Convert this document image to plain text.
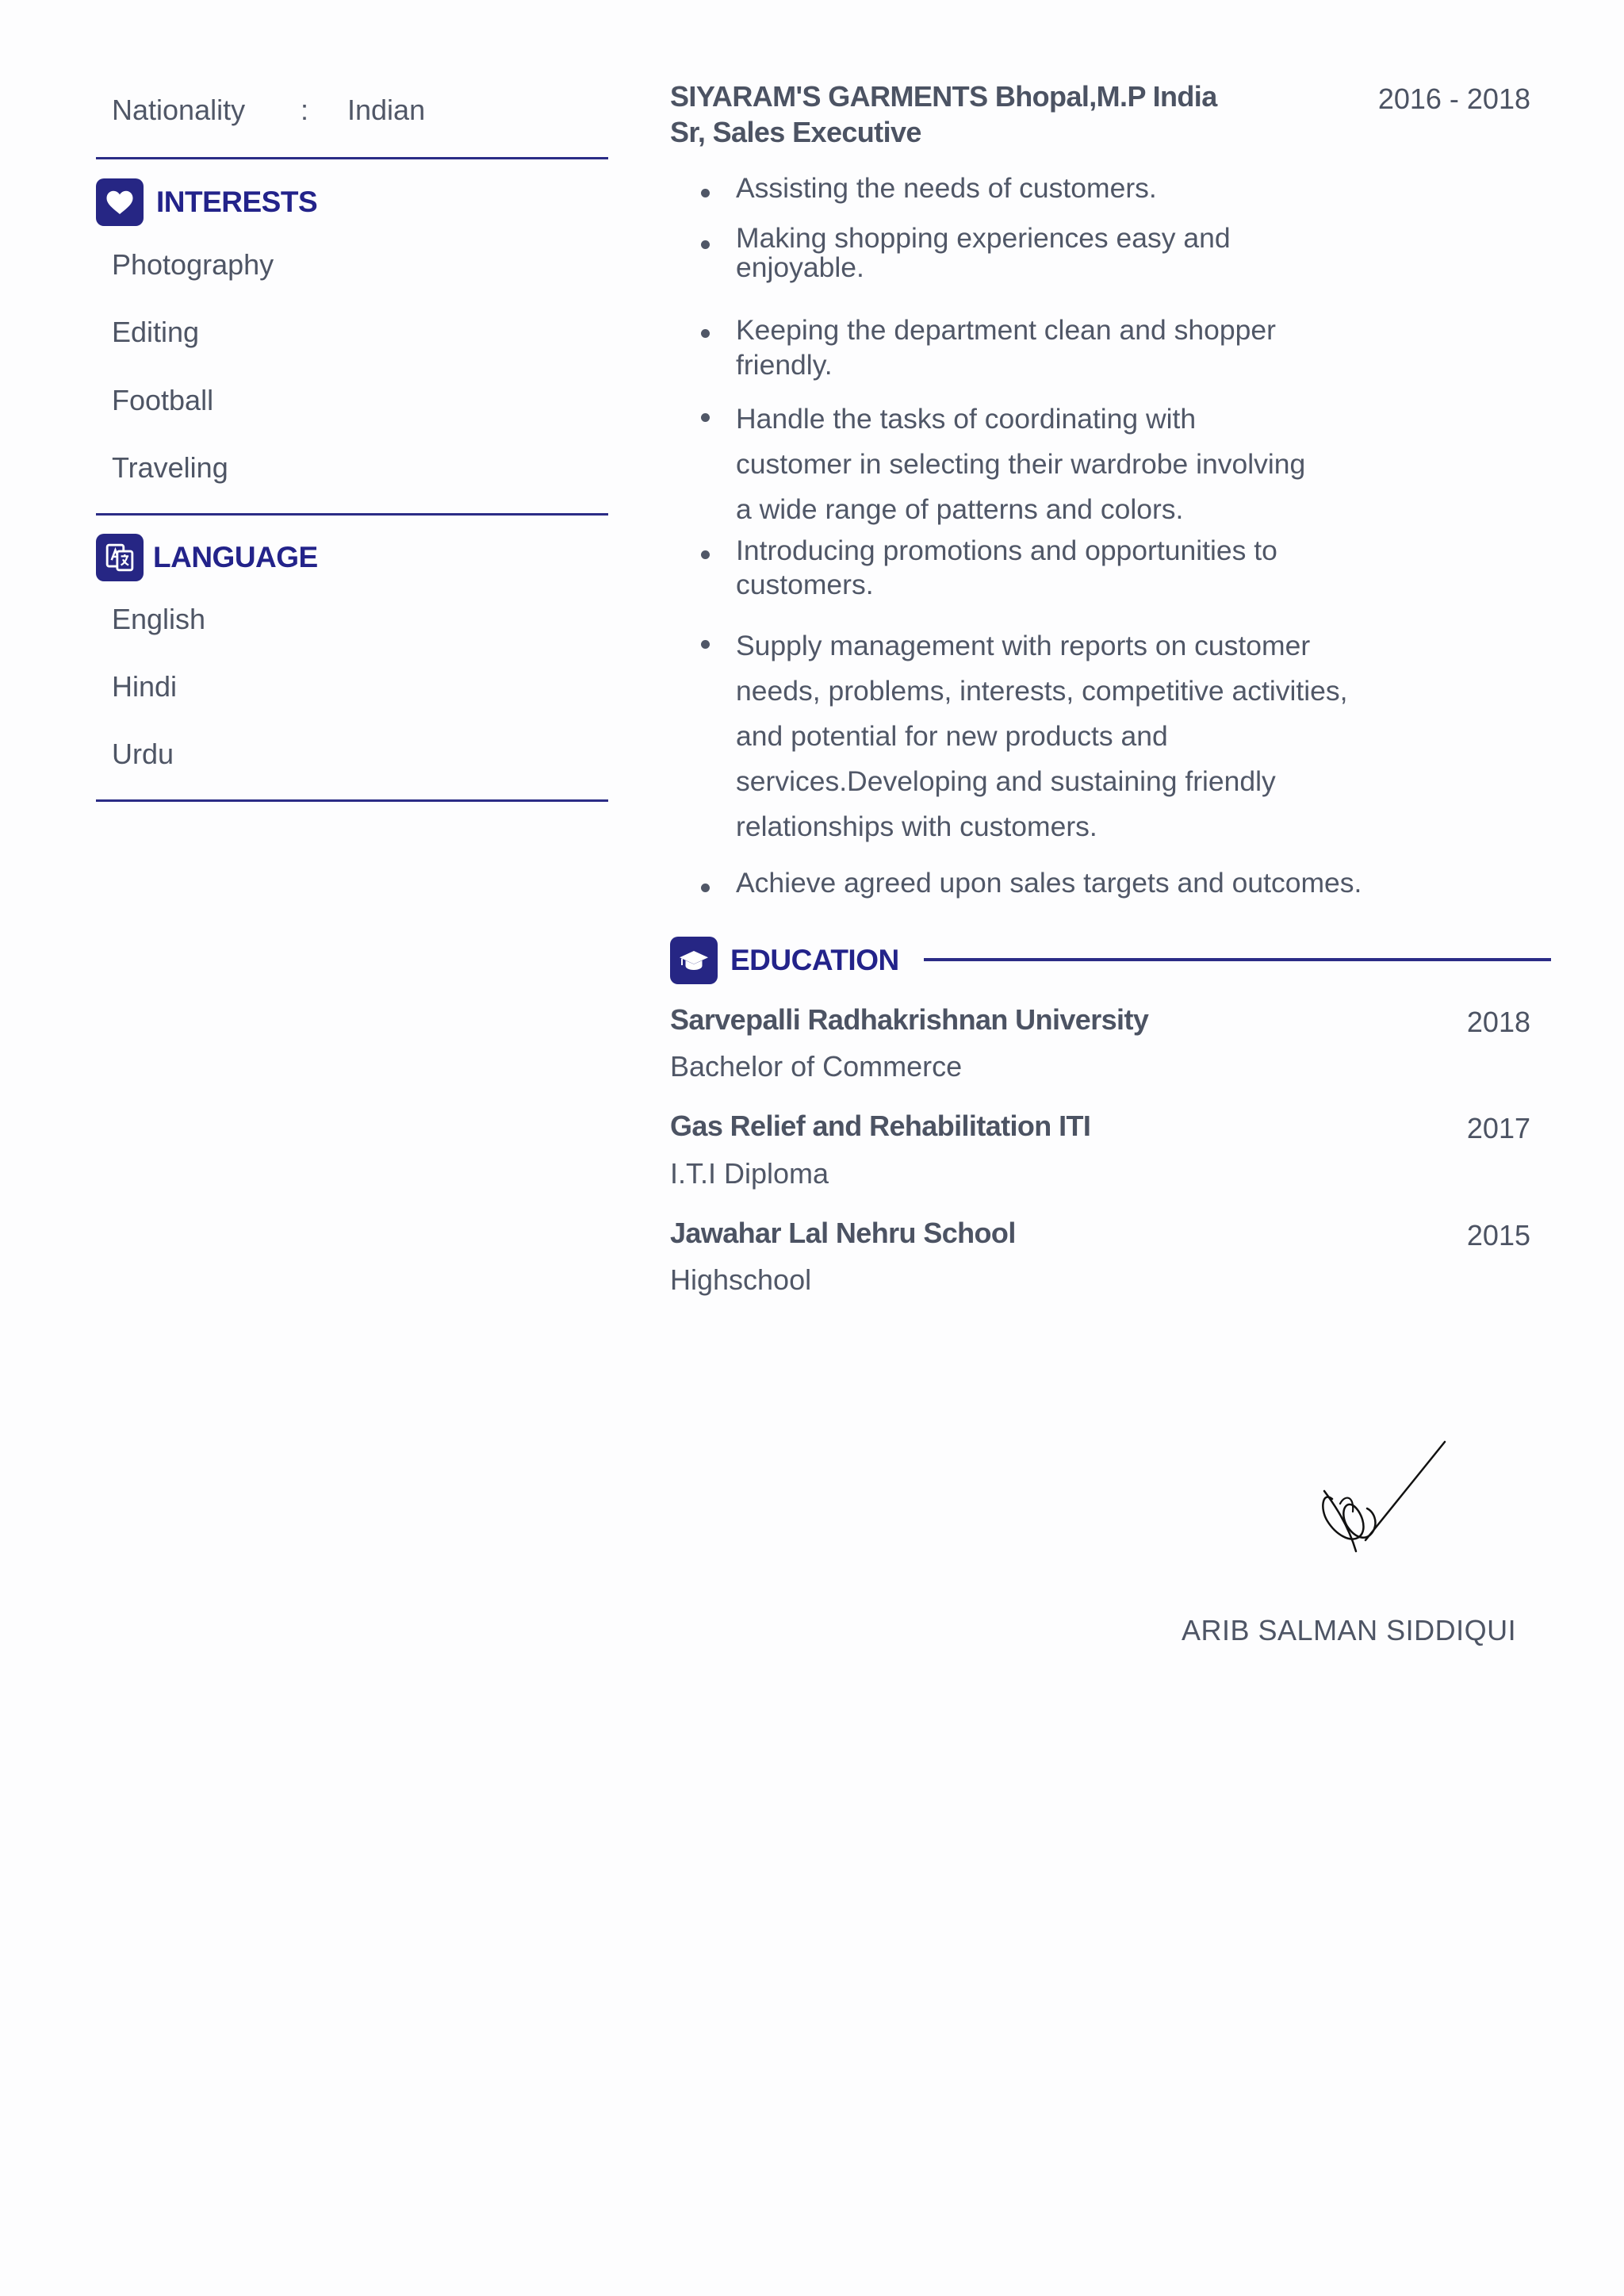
Nationality : Indian
INTERESTS
Photography
Editing
Football
Traveling
LANGUAGE
English
Hindi
Urdu
SIYARAM'S GARMENTS Bhopal,M.P India	2016 - 2018
Sr, Sales Executive
Assisting the needs of customers.
Making shopping experiences easy and
enjoyable.
Keeping the department clean and shopper
friendly.
Handle the tasks of coordinating with
customer in selecting their wardrobe involving
a wide range of patterns and colors.
Introducing promotions and opportunities to
customers.
Supply management with reports on customer
needs, problems, interests, competitive activities,
and potential for new products and
services.Developing and sustaining friendly
relationships with customers.
Achieve agreed upon sales targets and outcomes.
EDUCATION
Sarvepalli Radhakrishnan University	2018
Bachelor of Commerce
Gas Relief and Rehabilitation ITI	2017
I.T.I Diploma
Jawahar Lal Nehru School	2015
Highschool
ARIB SALMAN SIDDIQUI
